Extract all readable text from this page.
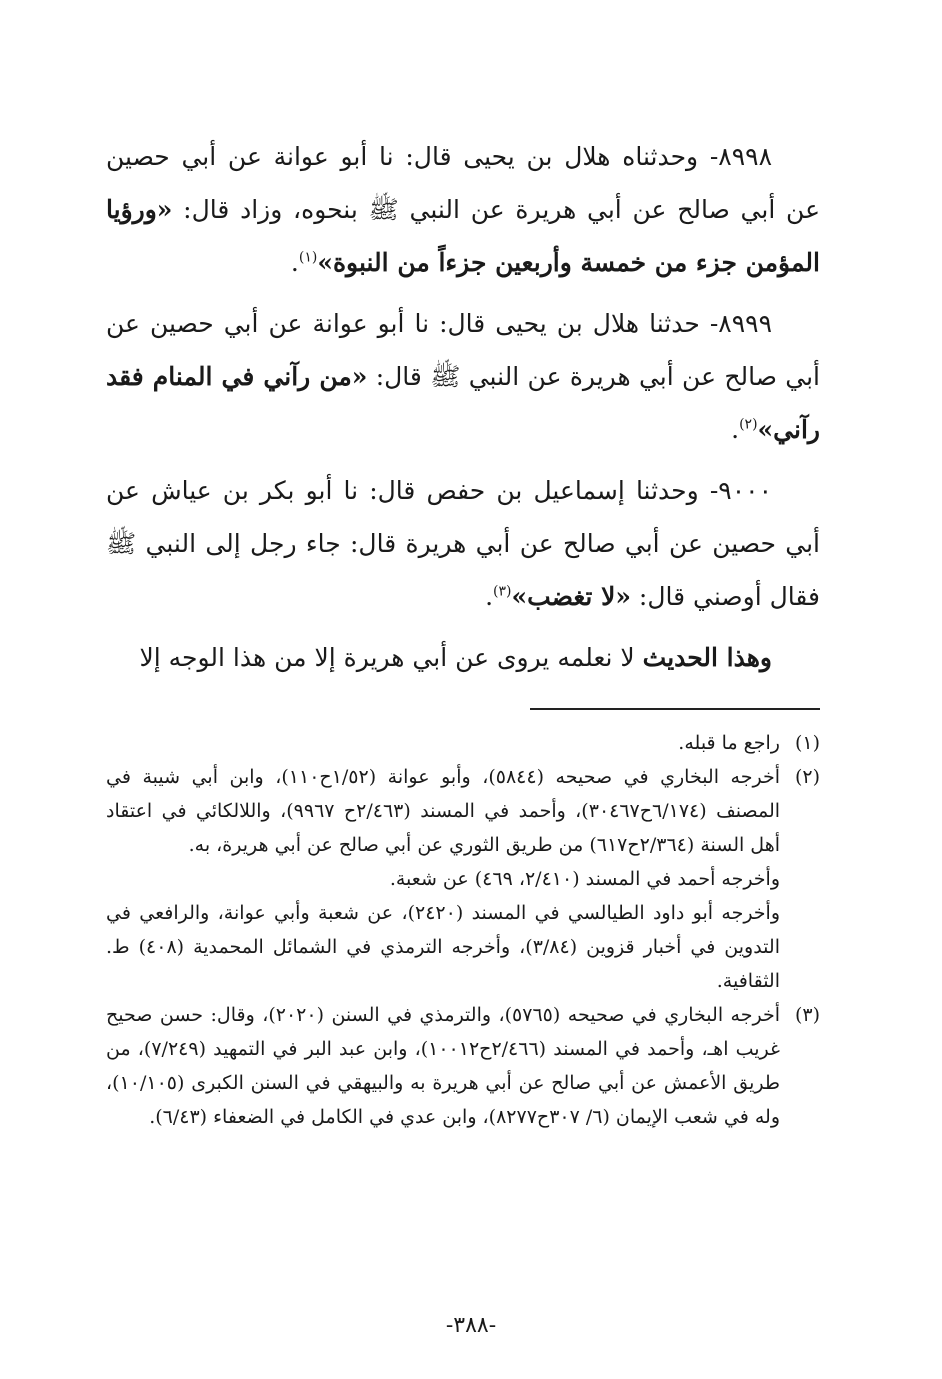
٨٩٩٨- وحدثناه هلال بن يحيى قال: نا أبو عوانة عن أبي حصين عن أبي صالح عن أبي هريرة عن النبي ﷺ بنحوه، وزاد قال: «ورؤيا المؤمن جزء من خمسة وأربعين جزءاً من النبوة»$^{(١)}$.

٨٩٩٩- حدثنا هلال بن يحيى قال: نا أبو عوانة عن أبي حصين عن أبي صالح عن أبي هريرة عن النبي ﷺ قال: «من رآني في المنام فقد رآني»$^{(٢)}$.

٩٠٠٠- وحدثنا إسماعيل بن حفص قال: نا أبو بكر بن عياش عن أبي حصين عن أبي صالح عن أبي هريرة قال: جاء رجل إلى النبي ﷺ فقال أوصني قال: «لا تغضب»$^{(٣)}$.

وهذا الحديث لا نعلمه يروى عن أبي هريرة إلا من هذا الوجه إلا

(١)
راجع ما قبله.
(٢)
أخرجه البخاري في صحيحه (٥٨٤٤)، وأبو عوانة (١/٥٢ح١١٠)، وابن أبي شيبة في المصنف (٦/١٧٤ح٣٠٤٦٧)، وأحمد في المسند (٢/٤٦٣ح ٩٩٦٧)، واللالكائي في اعتقاد أهل السنة (٢/٣٦٤ح٦١٧) من طريق الثوري عن أبي صالح عن أبي هريرة، به.
وأخرجه أحمد في المسند (٢/٤١٠، ٤٦٩) عن شعبة.
وأخرجه أبو داود الطيالسي في المسند (٢٤٢٠)، عن شعبة وأبي عوانة، والرافعي في التدوين في أخبار قزوين (٣/٨٤)، وأخرجه الترمذي في الشمائل المحمدية (٤٠٨) ط. الثقافية.
(٣)
أخرجه البخاري في صحيحه (٥٧٦٥)، والترمذي في السنن (٢٠٢٠)، وقال: حسن صحيح غريب اهـ، وأحمد في المسند (٢/٤٦٦ح١٠٠١٢)، وابن عبد البر في التمهيد (٧/٢٤٩)، من طريق الأعمش عن أبي صالح عن أبي هريرة به والبيهقي في السنن الكبرى (١٠/١٠٥)، وله في شعب الإيمان (٦/ ٣٠٧ح٨٢٧٧)، وابن عدي في الكامل في الضعفاء (٦/٤٣).
-٣٨٨-
